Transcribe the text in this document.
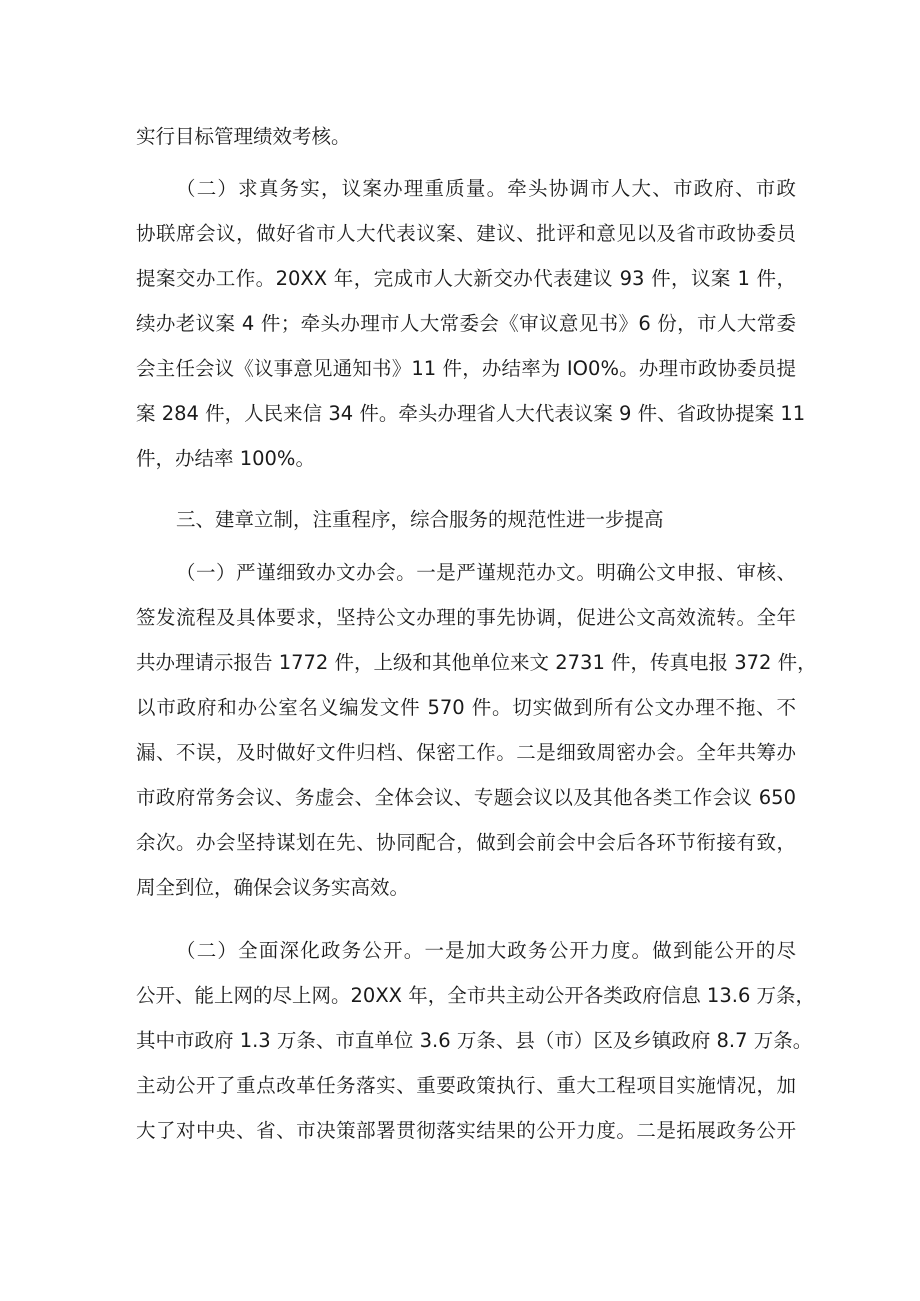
实行目标管理绩效考核。
（二）求真务实，议案办理重质量。牵头协调市人大、市政府、市政
协联席会议，做好省市人大代表议案、建议、批评和意见以及省市政协委员
提案交办工作。20XX 年，完成市人大新交办代表建议 93 件，议案 1 件，
续办老议案 4 件；牵头办理市人大常委会《审议意见书》6 份，市人大常委
会主任会议《议事意见通知书》11 件，办结率为 IO0%。办理市政协委员提
案 284 件，人民来信 34 件。牵头办理省人大代表议案 9 件、省政协提案 11
件，办结率 100%。
三、建章立制，注重程序，综合服务的规范性进一步提高
（一）严谨细致办文办会。一是严谨规范办文。明确公文申报、审核、
签发流程及具体要求，坚持公文办理的事先协调，促进公文高效流转。全年
共办理请示报告 1772 件，上级和其他单位来文 2731 件，传真电报 372 件，
以市政府和办公室名义编发文件 570 件。切实做到所有公文办理不拖、不
漏、不误，及时做好文件归档、保密工作。二是细致周密办会。全年共筹办
市政府常务会议、务虚会、全体会议、专题会议以及其他各类工作会议 650
余次。办会坚持谋划在先、协同配合，做到会前会中会后各环节衔接有致，
周全到位，确保会议务实高效。
（二）全面深化政务公开。一是加大政务公开力度。做到能公开的尽
公开、能上网的尽上网。20XX 年，全市共主动公开各类政府信息 13.6 万条，
其中市政府 1.3 万条、市直单位 3.6 万条、县（市）区及乡镇政府 8.7 万条。
主动公开了重点改革任务落实、重要政策执行、重大工程项目实施情况，加
大了对中央、省、市决策部署贯彻落实结果的公开力度。二是拓展政务公开
